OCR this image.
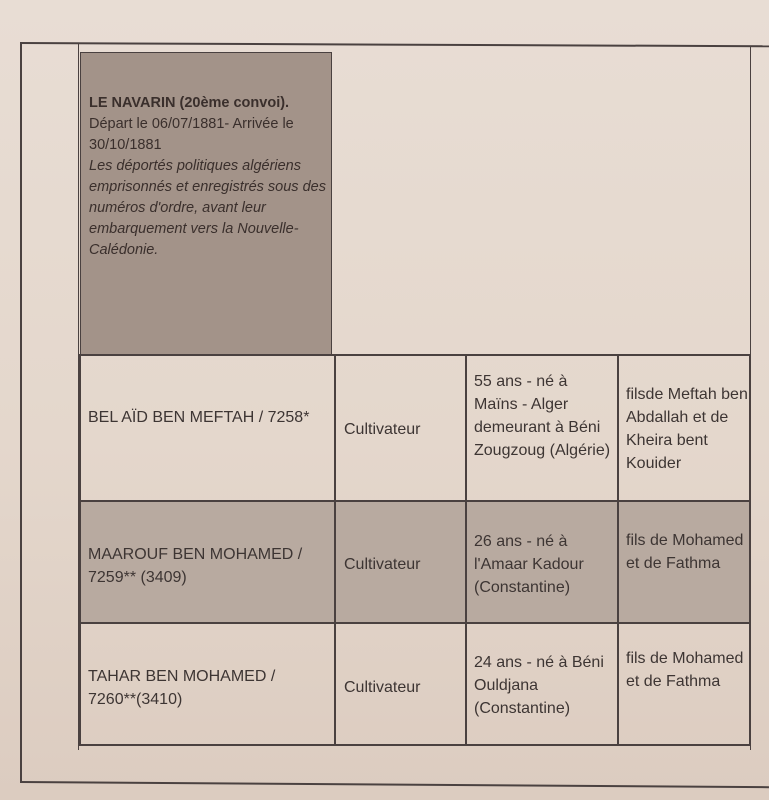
LE NAVARIN (20ème convoi). Départ le 06/07/1881- Arrivée le 30/10/1881
Les déportés politiques algériens emprisonnés et enregistrés sous des numéros d'ordre, avant leur embarquement vers la Nouvelle-Calédonie.
BEL AÏD BEN MEFTAH / 7258*
Cultivateur
55 ans - né à Maïns - Alger demeurant à Béni Zougzoug (Algérie)
filsde Meftah ben Abdallah et de Kheira bent Kouider
MAAROUF BEN MOHAMED / 7259** (3409)
Cultivateur
26 ans - né à l'Amaar Kadour (Constantine)
fils de Mohamed et de Fathma
TAHAR BEN MOHAMED / 7260**(3410)
Cultivateur
24 ans - né à Béni Ouldjana (Constantine)
fils de Mohamed et de Fathma
